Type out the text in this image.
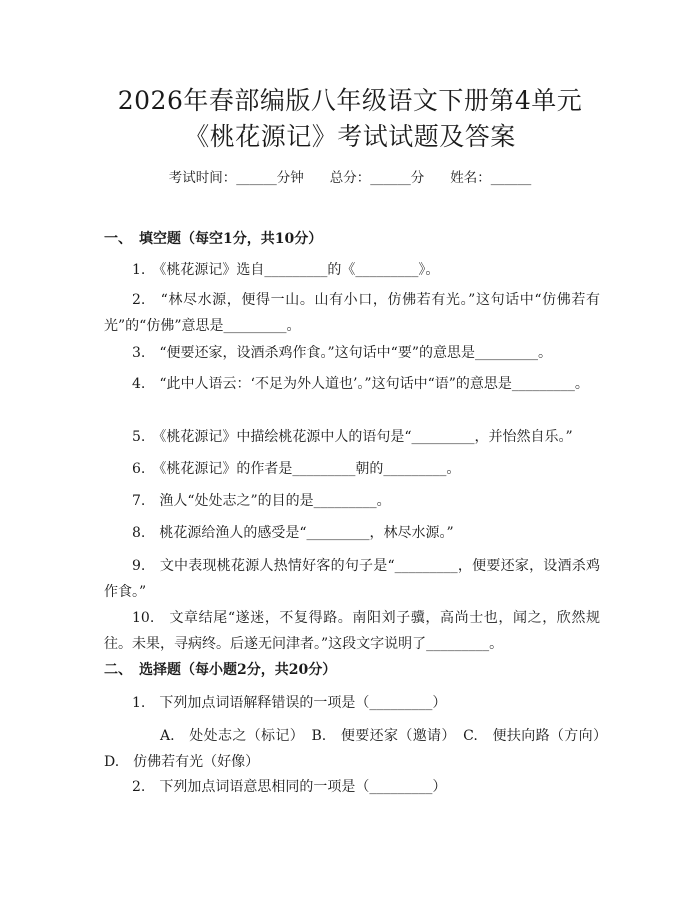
2026年春部编版八年级语文下册第4单元
《桃花源记》考试试题及答案
考试时间：______分钟 总分：______分 姓名：______
一、　填空题（每空1分，共10分）
1.　《桃花源记》选自_________的《_________》。
2.　“林尽水源，便得一山。山有小口，仿佛若有光。”这句话中“仿佛若有光”的“仿佛”意思是_________。
3.　“便要还家，设酒杀鸡作食。”这句话中“要”的意思是_________。
4.　“此中人语云：‘不足为外人道也’。”这句话中“语”的意思是_________。
5.　《桃花源记》中描绘桃花源中人的语句是“_________，并怡然自乐。”
6.　《桃花源记》的作者是_________朝的_________。
7.　渔人“处处志之”的目的是_________。
8.　桃花源给渔人的感受是“_________，林尽水源。”
9.　文中表现桃花源人热情好客的句子是“_________，便要还家，设酒杀鸡作食。”
10.　文章结尾“遂迷，不复得路。南阳刘子骥，高尚士也，闻之，欣然规往。未果，寻病终。后遂无问津者。”这段文字说明了_________。
二、　选择题（每小题2分，共20分）
1.　下列加点词语解释错误的一项是（_________）
A.　处处志之（标记）　B.　便要还家（邀请）　C.　便扶向路（方向）　D.　仿佛若有光（好像）
2.　下列加点词语意思相同的一项是（_________）
